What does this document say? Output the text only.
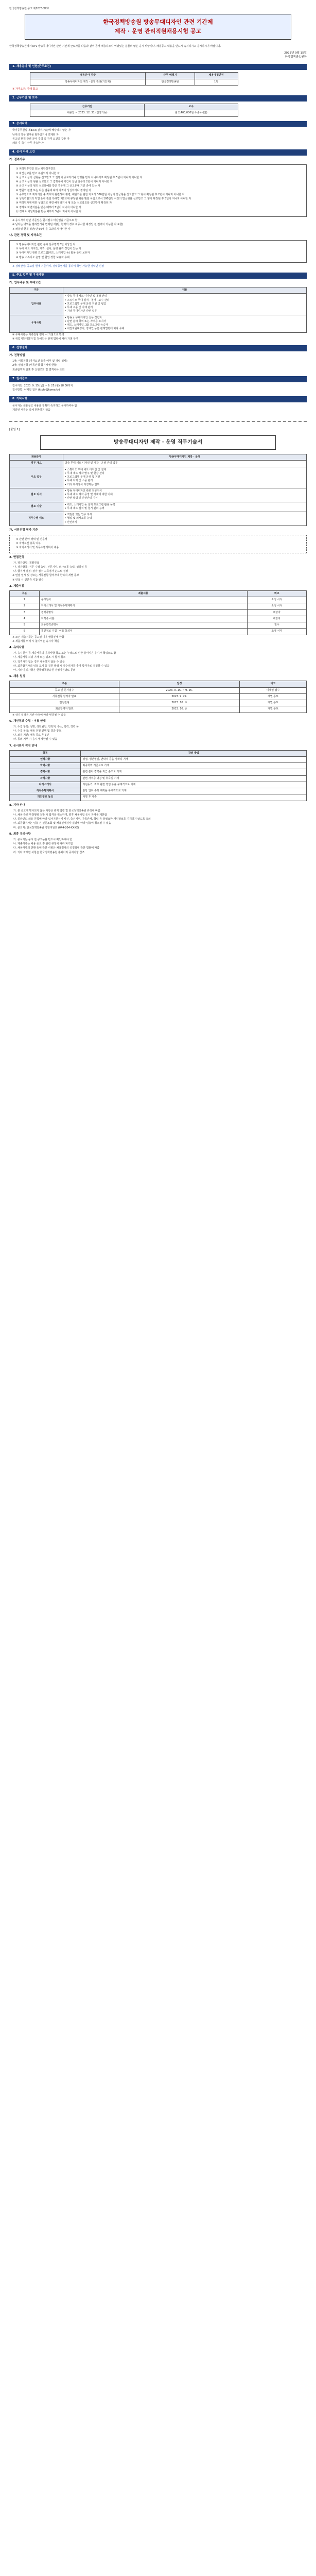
한국정책방송원 공고 제2023-XX호
한국정책방송원 방송무대디자인 관련 기간제
제작 · 운영 관리직원채용시험 공고

한국정책방송원에서 KTV 방송무대디자인 관련 기간제 근로자를 다음과 같이 공개 채용하오니 역량있는 분들의 많은 응시 바랍니다. 채용공고 내용을 반드시 숙지하시고 응시하시기 바랍니다.

2023년 9월 15일
한국정책방송원장
1. 채용분야 및 인원(근무조건)
채용분야 직급	근무 예정지	채용예정인원
방송무대디자인 제작 · 운영 관리(기간제)	한국정책방송원	1명
※ 자격요건: 아래 참고
2. 근무기간 및 보수
근무기간	보수
채용일 ~ 2023. 12. 31.(연장가능)	월 2,400,000원 수준 (세전)
3. 응시자격
국가공무원법 제33조(결격사유)에 해당하지 않는 자
남자의 경우 병역을 필하였거나 면제된 자
공고일 현재 관련 분야 경력 및 자격 요건을 갖춘 자
채용 후 즉시 근무 가능한 자
4. 응시 자격 요건
가. 결격사유
① 피성년후견인 또는 피한정후견인
② 파산선고를 받고 복권되지 아니한 자
③ 금고 이상의 실형을 선고받고 그 집행이 종료되거나 집행을 받지 아니하기로 확정된 후 5년이 지나지 아니한 자
④ 금고 이상의 형을 선고받고 그 집행유예 기간이 끝난 날부터 2년이 지나지 아니한 자
⑤ 금고 이상의 형의 선고유예를 받은 경우에 그 선고유예 기간 중에 있는 자
⑥ 법원의 판결 또는 다른 법률에 따라 자격이 상실되거나 정지된 자
⑦ 공무원으로 재직기간 중 직무와 관련하여 횡령, 배임죄를 범한 자로서 300만원 이상의 벌금형을 선고받고 그 형이 확정된 후 2년이 지나지 아니한 자
⑧ 성폭력범죄의 처벌 등에 관한 특례법 제2조에 규정된 죄를 범한 사람으로서 100만원 이상의 벌금형을 선고받고 그 형이 확정된 후 3년이 지나지 아니한 자
⑨ 미성년자에 대한 성범죄로 파면·해임되거나 형 또는 치료감호를 선고받아 확정된 자
⑩ 징계로 파면처분을 받은 때부터 5년이 지나지 아니한 자
⑪ 징계로 해임처분을 받은 때부터 3년이 지나지 아니한 자
※ 응시자격 판단 기준일은 원서접수 마감일을 기준으로 함
※ 남자는 병역을 필하였거나 면제된 자(단, 현역의 경우 최종시험 예정일 전 전역이 가능한 자 포함)
※ 채용일 현재 정년(만 60세)을 초과하지 아니한 자
나. 관련 경력 및 자격요건
① 방송무대디자인 관련 분야 실무경력 3년 이상인 자
② 무대 세트 디자인, 제작, 설치, 운영 관리 경험이 있는 자
③ 무대디자인 관련 프로그램(캐드, 스케치업 등) 활용 능력 보유자
④ 방송 스튜디오 운영 및 협업 경험 보유자 우대
※ 경력산정: 공고일 현재 기준이며, 경력증명서를 통하여 확인 가능한 경력만 인정
5. 주요 업무 및 우대사항
가. 업무내용 및 우대요건
구분	내용
업무내용	• 방송 무대 세트 디자인 및 제작 관리
• 스튜디오 무대 설치 · 철거 · 보수 관리
• 프로그램별 무대 운영 지원 및 협업
• 무대 소품 및 자재 관리
• 기타 무대디자인 관련 업무
우대사항	• 방송국 무대디자인 실무 경험자
• 관련 분야 학위 또는 자격증 소지자
• 캐드, 스케치업, 3D 프로그램 능숙자
• 취업지원대상자, 장애인 등은 관계법령에 따라 우대
※ 우대사항은 서류전형 평가 시 가점으로 반영
※ 취업지원대상자 및 장애인은 관계 법령에 따라 가점 부여
6. 전형절차
가. 전형방법
1차: 서류전형 (자격요건 충족 여부 및 경력 심사)
2차: 면접전형 (서류전형 합격자에 한함)
최종합격자 발표 후 신원조회 및 결격사유 조회
7. 원서접수
접수기간: 2023. 9. 15.(금) ~ 9. 25.(월) 18:00까지
접수방법: 이메일 접수 (ktvhr@korea.kr)
8. 기타사항
응시자는 채용공고 내용을 정확히 숙지하고 응시하여야 함
제출된 서류는 일체 반환하지 않음
[붙임 1]
방송무대디자인 제작 · 운영 직무기술서
채용분야	방송무대디자인 제작 · 운영
직무 개요	방송 무대 세트 디자인 및 제작 · 운영 관리 업무
주요 업무	• 스튜디오 무대 세트 디자인 및 설계
• 무대 세트 제작 발주 및 현장 관리
• 프로그램별 무대 운영 및 지원
• 무대 자재 및 소품 관리
• 기타 부서장이 지정하는 업무
필요 지식	• 방송 무대디자인 관련 전문지식
• 무대 세트 제작 공정 및 자재에 대한 이해
• 관련 법령 및 안전관리 지식
필요 기술	• 캐드, 스케치업 등 설계 프로그램 활용 능력
• 무대 세트 설치 및 철거 관리 능력
직무수행 태도	• 책임감 있는 업무 자세
• 협업 및 의사소통 능력
• 안전의식
가. 서류전형 평가 기준
① 관련 분야 경력 및 전문성
② 자격요건 충족 여부
③ 자기소개서 및 직무수행계획서 내용
2. 면접전형
가. 평가방법: 개별면접
나. 평가항목: 직무 수행 능력, 전문지식, 의사소통 능력, 성실성 등
다. 합격자 결정: 평가 점수 고득점자 순으로 결정
※ 면접 일시 및 장소는 서류전형 합격자에 한하여 개별 통보
※ 면접 시 신분증 지참 필수
3. 제출서류
구분	제출서류	비고
1	응시원서	소정 서식
2	자기소개서 및 직무수행계획서	소정 서식
3	경력증명서	해당자
4	자격증 사본	해당자
5	최종학력증명서	필수
6	개인정보 수집 · 이용 동의서	소정 서식
※ 모든 제출서류는 공고일 이후 발급분에 한함
※ 제출서류 미비 시 불이익은 응시자 책임
4. 유의사항
가. 응시원서 등 제출서류의 기재사항 착오 또는 누락으로 인한 불이익은 응시자 책임으로 함
나. 제출서류 허위 기재 또는 위조 시 합격 취소
다. 적격자가 없는 경우 채용하지 않을 수 있음
라. 최종합격자의 임용 포기 등 결원 발생 시 차순위자를 추가 합격자로 결정할 수 있음
마. 기타 문의사항은 한국정책방송원 경영지원과로 문의
5. 채용 일정
구분	일정	비고
공고 및 원서접수	2023. 9. 15. ~ 9. 25.	이메일 접수
서류전형 합격자 발표	2023. 9. 27.	개별 통보
면접전형	2023. 10. 초	개별 통보
최종합격자 발표	2023. 10. 중	개별 통보
※ 상기 일정은 기관 사정에 따라 변경될 수 있음
6. 개인정보 수집 · 이용 안내
가. 수집 항목: 성명, 생년월일, 연락처, 주소, 학력, 경력 등
나. 수집 목적: 채용 전형 진행 및 결과 통보
다. 보유 기간: 채용 종료 후 3년
라. 동의 거부 시 응시가 제한될 수 있음
7. 응시원서 작성 안내
항목	작성 방법
인적사항	성명, 생년월일, 연락처 등을 정확히 기재
학력사항	최종학력 기준으로 기재
경력사항	관련 분야 경력을 최근 순으로 기재
자격사항	관련 자격증 명칭 및 취득일 기재
자기소개서	지원동기, 직무 관련 경험 등을 구체적으로 기재
직무수행계획서	담당 업무 수행 계획을 구체적으로 기재
개인정보 동의	서명 후 제출
8. 기타 안내
가. 본 공고에 명시되지 않은 사항은 관계 법령 및 한국정책방송원 규정에 따름
나. 채용 관련 부정행위 적발 시 합격을 취소하며, 향후 채용시험 응시 자격을 제한함
다. 블라인드 채용 원칙에 따라 입사지원서에 사진, 출신지역, 가족관계, 학력 등 불필요한 개인정보를 기재하지 않도록 유의
라. 최종합격자는 임용 전 신원조회 및 채용신체검사 결과에 따라 임용이 취소될 수 있음
마. 문의처: 한국정책방송원 경영지원과 (044-204-XXXX)
9. 최종 유의사항
가. 응시자는 응시 전 공고문을 반드시 확인하여야 함
나. 제출서류는 채용 종료 후 관련 규정에 따라 파기함
다. 채용서류의 반환 등에 관한 사항은 채용절차의 공정화에 관한 법률에 따름
라. 기타 자세한 사항은 한국정책방송원 홈페이지 공지사항 참조
